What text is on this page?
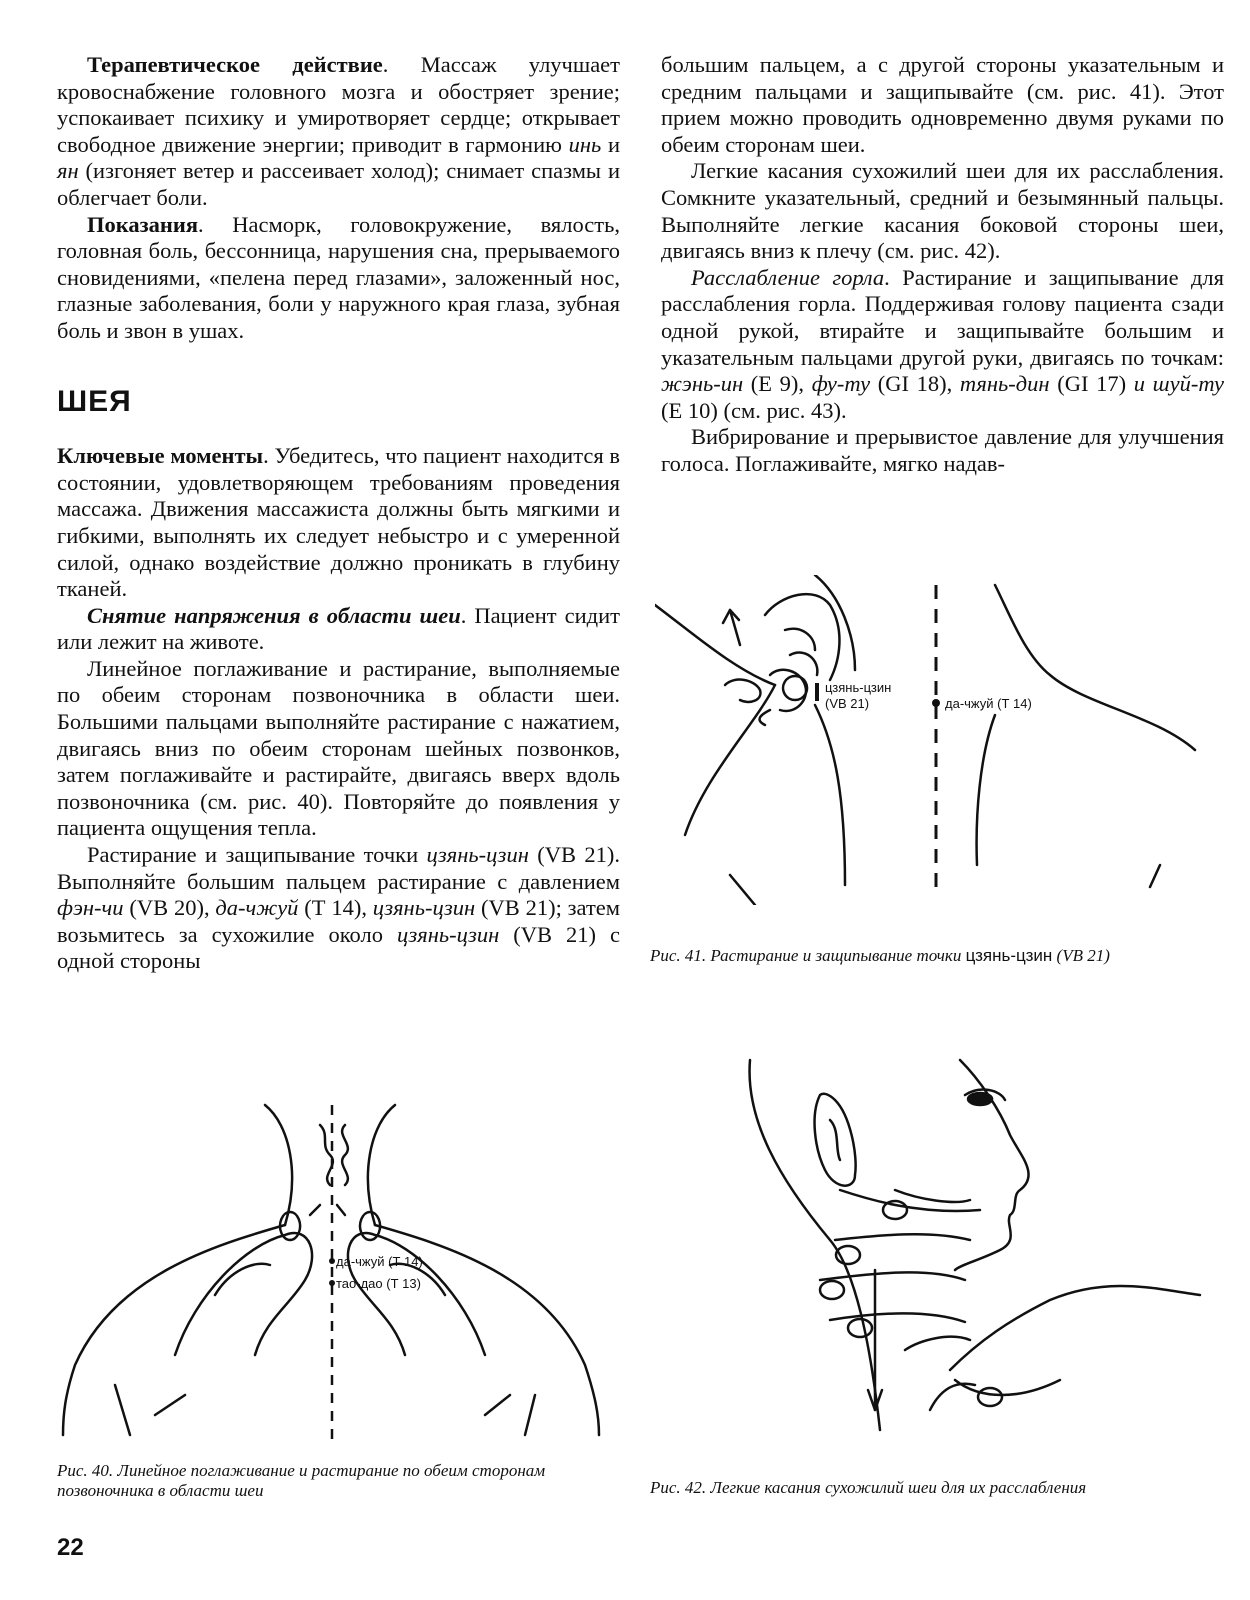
Терапевтическое действие. Массаж улучшает кровоснабжение головного мозга и обостряет зрение; успокаивает психику и умиротворяет сердце; открывает свободное движение энергии; приводит в гармонию инь и ян (изгоняет ветер и рассеивает холод); снимает спазмы и облегчает боли.

Показания. Насморк, головокружение, вялость, головная боль, бессонница, нарушения сна, прерываемого сновидениями, «пелена перед глазами», заложенный нос, глазные заболевания, боли у наружного края глаза, зубная боль и звон в ушах.

ШЕЯ

Ключевые моменты. Убедитесь, что пациент находится в состоянии, удовлетворяющем требованиям проведения массажа. Движения массажиста должны быть мягкими и гибкими, выполнять их следует небыстро и с умеренной силой, однако воздействие должно проникать в глубину тканей.

Снятие напряжения в области шеи. Пациент сидит или лежит на животе.

Линейное поглаживание и растирание, выполняемые по обеим сторонам позвоночника в области шеи. Большими пальцами выполняйте растирание с нажатием, двигаясь вниз по обеим сторонам шейных позвонков, затем поглаживайте и растирайте, двигаясь вверх вдоль позвоночника (см. рис. 40). Повторяйте до появления у пациента ощущения тепла.

Растирание и защипывание точки цзянь-цзин (VB 21). Выполняйте большим пальцем растирание с давлением фэн-чи (VB 20), да-чжуй (Т 14), цзянь-цзин (VB 21); затем возьмитесь за сухожилие около цзянь-цзин (VB 21) с одной стороны

большим пальцем, а с другой стороны указательным и средним пальцами и защипывайте (см. рис. 41). Этот прием можно проводить одновременно двумя руками по обеим сторонам шеи.

Легкие касания сухожилий шеи для их расслабления. Сомкните указательный, средний и безымянный пальцы. Выполняйте легкие касания боковой стороны шеи, двигаясь вниз к плечу (см. рис. 42).

Расслабление горла. Растирание и защипывание для расслабления горла. Поддерживая голову пациента сзади одной рукой, втирайте и защипывайте большим и указательным пальцами другой руки, двигаясь по точкам: жэнь-ин (Е 9), фу-ту (GI 18), тянь-дин (GI 17) и шуй-ту (Е 10) (см. рис. 43).

Вибрирование и прерывистое давление для улучшения голоса. Поглаживайте, мягко надав-

цзянь-цзин
(VB 21)	да-чжуй (Т 14)
Рис. 41. Растирание и защипывание точки цзянь-цзин (VB 21)
да-чжуй (Т 14)
тао-дао (Т 13)
Рис. 40. Линейное поглаживание и растирание по обеим сторонам позвоночника в области шеи	Рис. 42. Легкие касания сухожилий шеи для их расслабления
22
